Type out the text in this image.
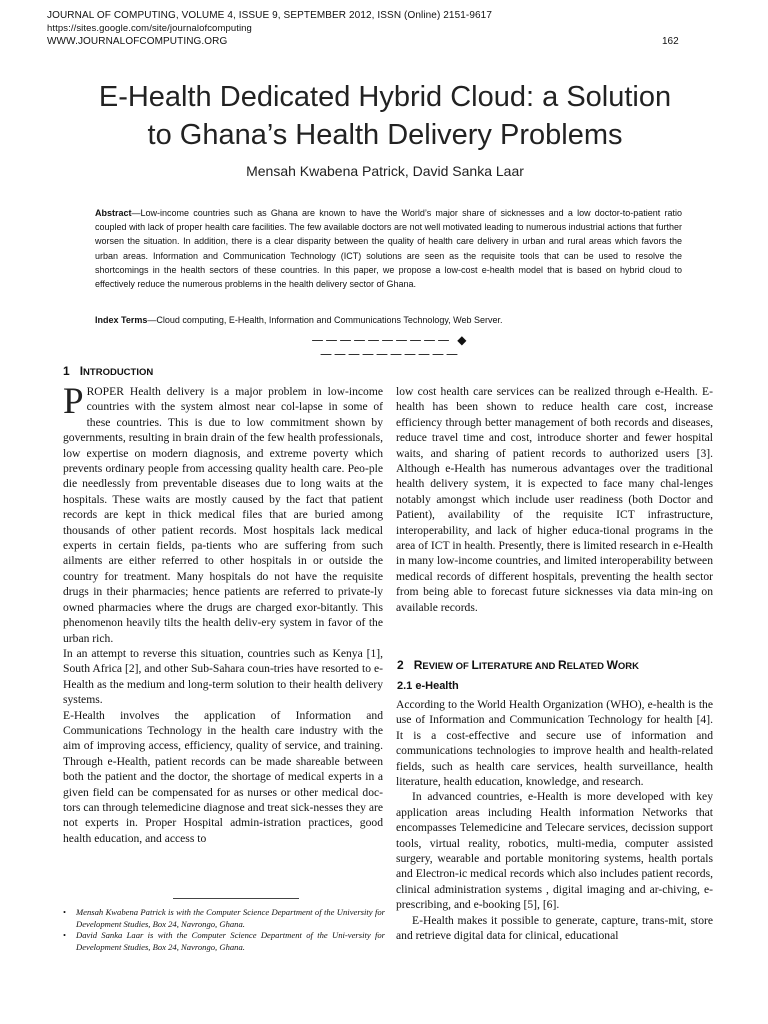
JOURNAL OF COMPUTING, VOLUME 4, ISSUE 9, SEPTEMBER 2012, ISSN (Online) 2151-9617
https://sites.google.com/site/journalofcomputing
WWW.JOURNALOFCOMPUTING.ORG	162
E-Health Dedicated Hybrid Cloud: a Solution
to Ghana’s Health Delivery Problems
Mensah Kwabena Patrick, David Sanka Laar

Abstract—Low-income countries such as Ghana are known to have the World’s major share of sicknesses and a low doctor-to-patient ratio coupled with lack of proper health care facilities. The few available doctors are not well motivated leading to numerous industrial actions that further worsen the situation. In addition, there is a clear disparity between the quality of health care delivery in urban and rural areas which favors the urban areas. Information and Communication Technology (ICT) solutions are seen as the requisite tools that can be used to resolve the shortcomings in the health sectors of these countries. In this paper, we propose a low-cost e-health model that is based on hybrid cloud to effectively reduce the numerous problems in the health delivery sector of Ghana.

Index Terms—Cloud computing, E-Health, Information and Communications Technology, Web Server.
—————————— ◆ ——————————
1 INTRODUCTION

PROPER Health delivery is a major problem in low-income countries with the system almost near col-lapse in some of these countries. This is due to low commitment shown by governments, resulting in brain drain of the few health professionals, low expertise on modern diagnosis, and extreme poverty which prevents ordinary people from accessing quality health care. Peo-ple die needlessly from preventable diseases due to long waits at the hospitals. These waits are mostly caused by the fact that patient records are kept in thick medical files that are buried among thousands of other patient records. Most hospitals lack medical experts in certain fields, pa-tients who are suffering from such ailments are either referred to other hospitals in or outside the country for treatment. Many hospitals do not have the requisite drugs in their pharmacies; hence patients are referred to private-ly owned pharmacies where the drugs are charged exor-bitantly. This phenomenon heavily tilts the health deliv-ery system in favor of the urban rich.

In an attempt to reverse this situation, countries such as Kenya [1], South Africa [2], and other Sub-Sahara coun-tries have resorted to e-Health as the medium and long-term solution to their health delivery systems.

E-Health involves the application of Information and Communications Technology in the health care industry with the aim of improving access, efficiency, quality of service, and training. Through e-Health, patient records can be made shareable between both the patient and the doctor, the shortage of medical experts in a given field can be compensated for as nurses or other medical doc-tors can through telemedicine diagnose and treat sick-nesses they are not experts in. Proper Hospital admin-istration practices, good health education, and access to

low cost health care services can be realized through e-Health. E-health has been shown to reduce health care cost, increase efficiency through better management of both records and diseases, reduce travel time and cost, introduce shorter and fewer hospital waits, and sharing of patient records to authorized users [3]. Although e-Health has numerous advantages over the traditional health delivery system, it is expected to face many chal-lenges notably amongst which include user readiness (both Doctor and Patient), availability of the requisite ICT infrastructure, interoperability, and lack of higher educa-tional programs in the area of ICT in health. Presently, there is limited research in e-Health in many low-income countries, and limited interoperability between medical records of different hospitals, preventing the health sector from being able to forecast future sicknesses via data min-ing on available records.

2 REVIEW OF LITERATURE AND RELATED WORK
2.1 e-Health

According to the World Health Organization (WHO), e-health is the use of Information and Communication Technology for health [4]. It is a cost-effective and secure use of information and communications technologies to improve health and health-related fields, such as health care services, health surveillance, health literature, health education, knowledge, and research.

In advanced countries, e-Health is more developed with key application areas including Health information Networks that encompasses Telemedicine and Telecare services, decission support tools, virtual reality, robotics, multi-media, computer assisted surgery, wearable and portable monitoring systems, health portals and Electron-ic medical records which also includes patient records, clinical administration systems , digital imaging and ar-chiving, e-prescribing, and e-booking [5], [6].

E-Health makes it possible to generate, capture, trans-mit, store and retrieve digital data for clinical, educational

• Mensah Kwabena Patrick is with the Computer Science Department of the University for Development Studies, Box 24, Navrongo, Ghana.
• David Sanka Laar is with the Computer Science Department of the Uni-versity for Development Studies, Box 24, Navrongo, Ghana.
